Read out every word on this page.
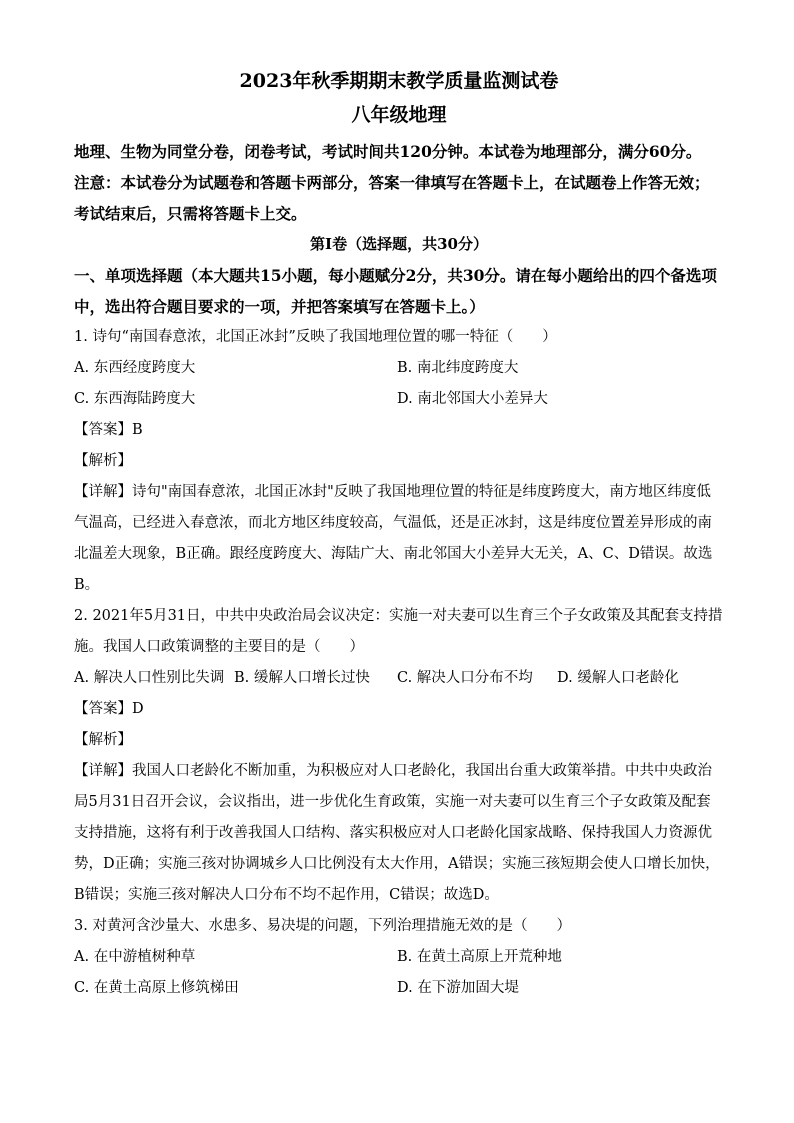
2023年秋季期期末教学质量监测试卷
八年级地理

地理、生物为同堂分卷，闭卷考试，考试时间共120分钟。本试卷为地理部分，满分60分。

注意：本试卷分为试题卷和答题卡两部分，答案一律填写在答题卡上，在试题卷上作答无效；考试结束后，只需将答题卡上交。

第Ⅰ卷（选择题，共30分）

一、单项选择题（本大题共15小题，每小题赋分2分，共30分。请在每小题给出的四个备选项中，选出符合题目要求的一项，并把答案填写在答题卡上。）

1. 诗句“南国春意浓，北国正冰封”反映了我国地理位置的哪一特征（　　）

A. 东西经度跨度大	B. 南北纬度跨度大
C. 东西海陆跨度大	D. 南北邻国大小差异大

【答案】B

【解析】

【详解】诗句"南国春意浓，北国正冰封"反映了我国地理位置的特征是纬度跨度大，南方地区纬度低气温高，已经进入春意浓，而北方地区纬度较高，气温低，还是正冰封，这是纬度位置差异形成的南北温差大现象，B正确。跟经度跨度大、海陆广大、南北邻国大小差异大无关，A、C、D错误。故选B。

2. 2021年5月31日，中共中央政治局会议决定：实施一对夫妻可以生育三个子女政策及其配套支持措施。我国人口政策调整的主要目的是（　　）

A. 解决人口性别比失调 B. 缓解人口增长过快	C. 解决人口分布不均	D. 缓解人口老龄化

【答案】D

【解析】

【详解】我国人口老龄化不断加重，为积极应对人口老龄化，我国出台重大政策举措。中共中央政治局5月31日召开会议，会议指出，进一步优化生育政策，实施一对夫妻可以生育三个子女政策及配套支持措施，这将有利于改善我国人口结构、落实积极应对人口老龄化国家战略、保持我国人力资源优势，D正确；实施三孩对协调城乡人口比例没有太大作用，A错误；实施三孩短期会使人口增长加快，B错误；实施三孩对解决人口分布不均不起作用，C错误；故选D。

3. 对黄河含沙量大、水患多、易决堤的问题，下列治理措施无效的是（　　）

A. 在中游植树种草	B. 在黄土高原上开荒种地
C. 在黄土高原上修筑梯田	D. 在下游加固大堤
